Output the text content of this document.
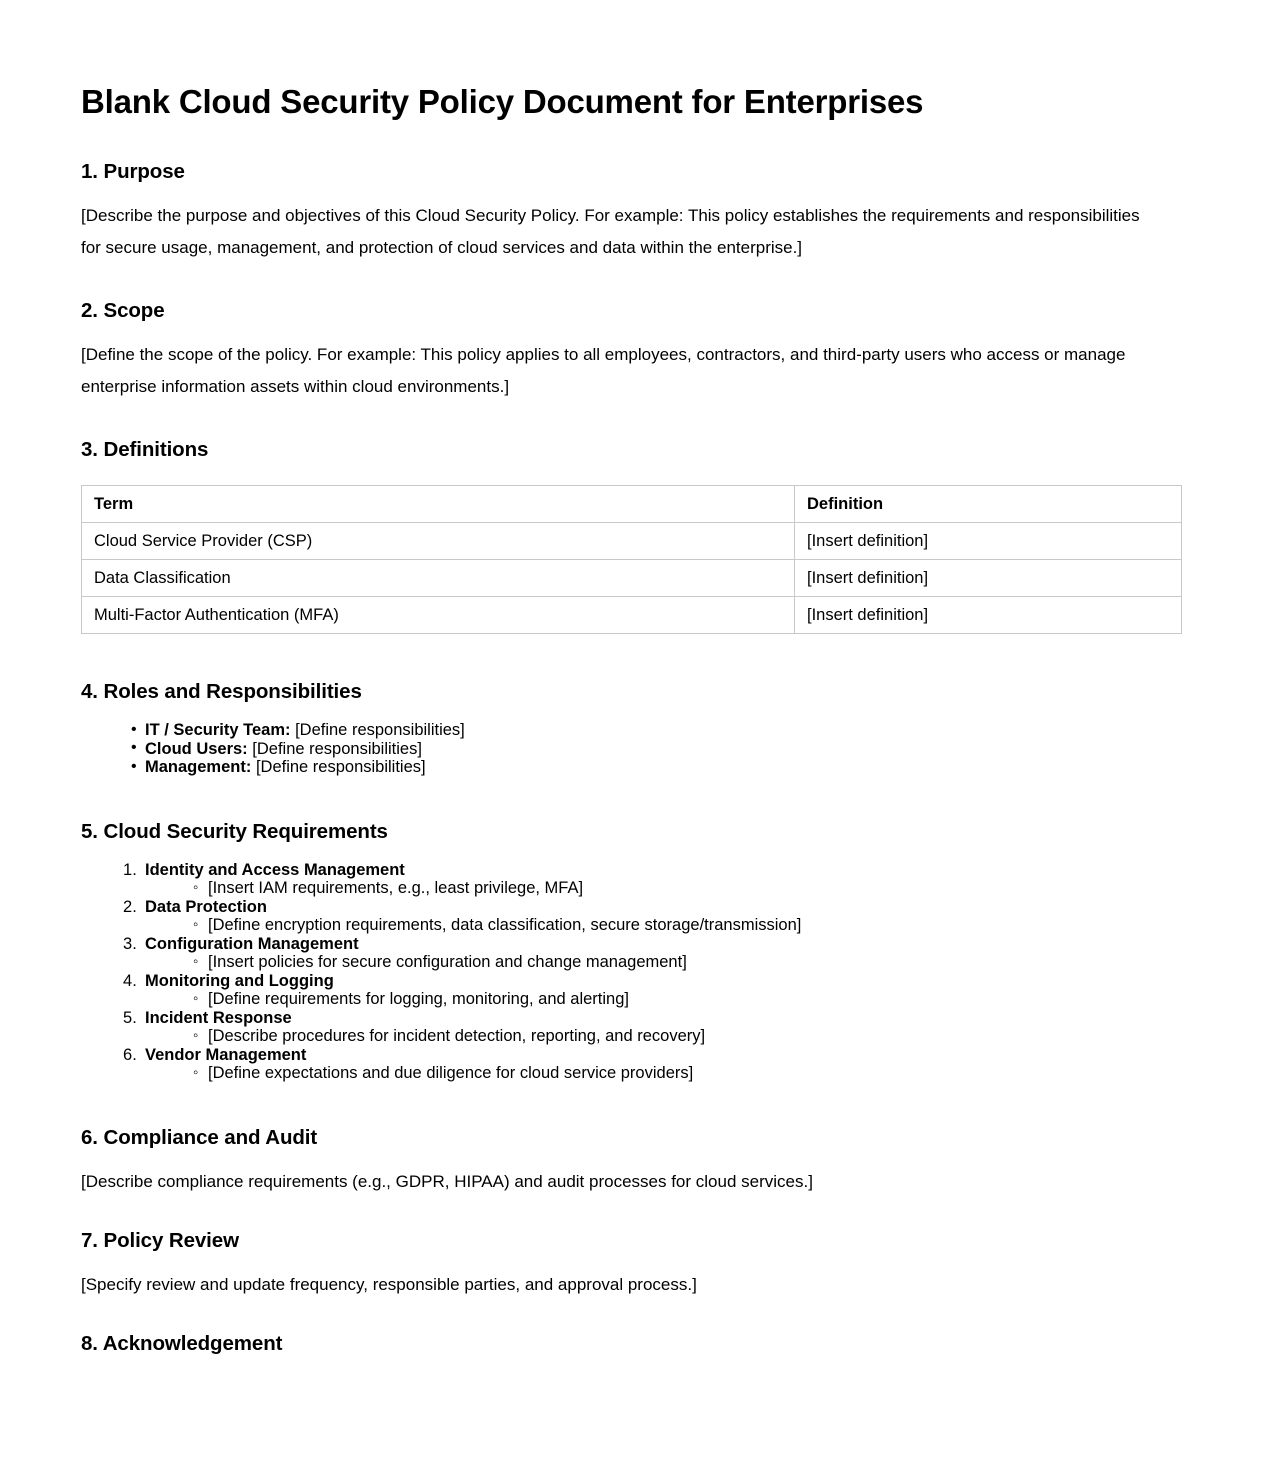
Blank Cloud Security Policy Document for Enterprises
1. Purpose

[Describe the purpose and objectives of this Cloud Security Policy. For example: This policy establishes the requirements and responsibilities for secure usage, management, and protection of cloud services and data within the enterprise.]

2. Scope

[Define the scope of the policy. For example: This policy applies to all employees, contractors, and third-party users who access or manage enterprise information assets within cloud environments.]

3. Definitions
Term	Definition
Cloud Service Provider (CSP)	[Insert definition]
Data Classification	[Insert definition]
Multi-Factor Authentication (MFA)	[Insert definition]
4. Roles and Responsibilities
• IT / Security Team: [Define responsibilities]
• Cloud Users: [Define responsibilities]
• Management: [Define responsibilities]
5. Cloud Security Requirements
Identity and Access Management
◦ [Insert IAM requirements, e.g., least privilege, MFA]
Data Protection
◦ [Define encryption requirements, data classification, secure storage/transmission]
Configuration Management
◦ [Insert policies for secure configuration and change management]
Monitoring and Logging
◦ [Define requirements for logging, monitoring, and alerting]
Incident Response
◦ [Describe procedures for incident detection, reporting, and recovery]
Vendor Management
◦ [Define expectations and due diligence for cloud service providers]
6. Compliance and Audit

[Describe compliance requirements (e.g., GDPR, HIPAA) and audit processes for cloud services.]

7. Policy Review

[Specify review and update frequency, responsible parties, and approval process.]

8. Acknowledgement
